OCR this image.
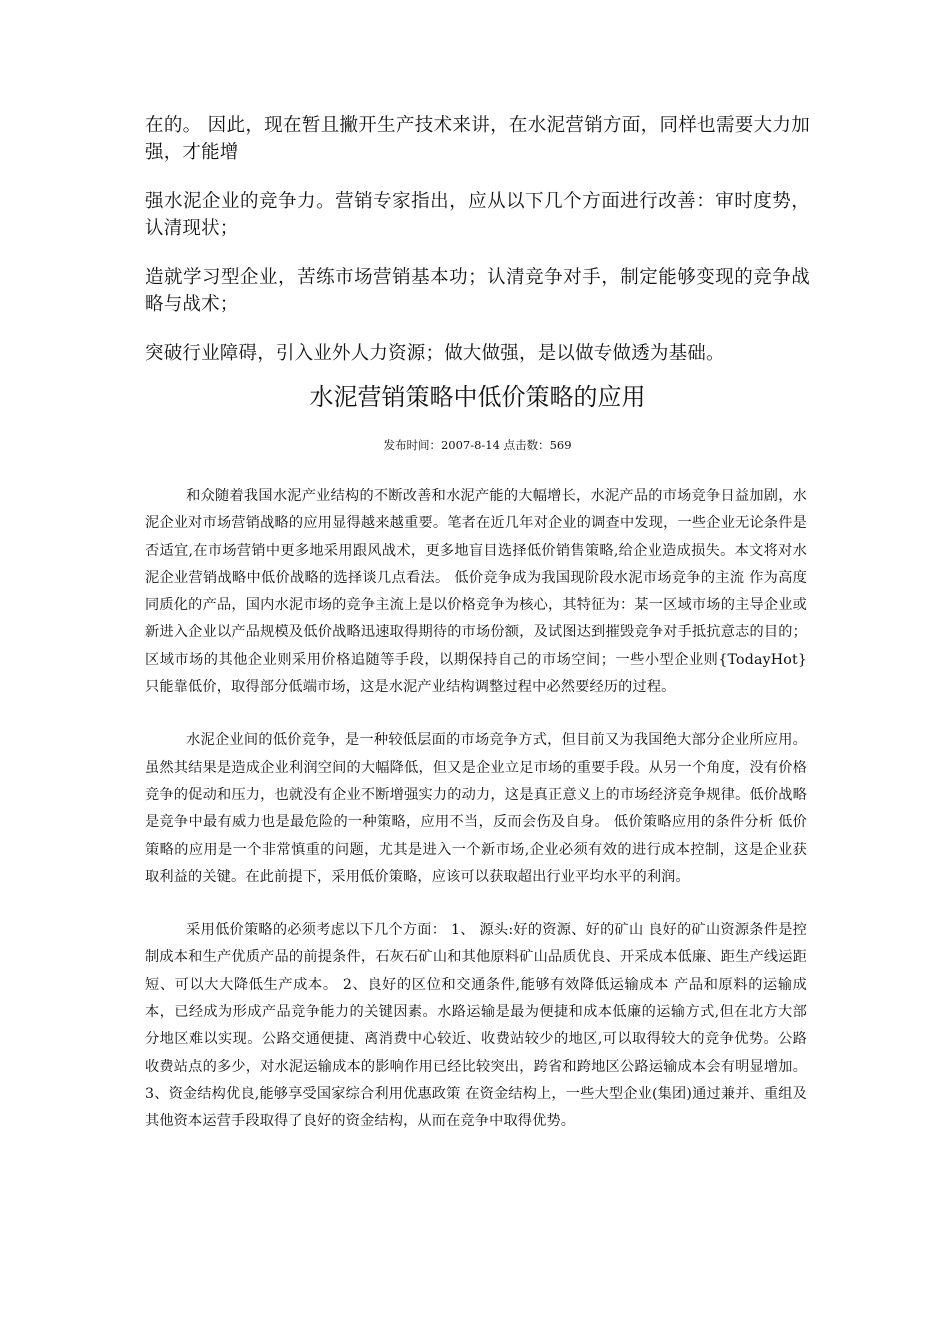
在的。 因此，现在暂且撇开生产技术来讲，在水泥营销方面，同样也需要大力加强，才能增

强水泥企业的竞争力。营销专家指出，应从以下几个方面进行改善：审时度势，认清现状；

造就学习型企业，苦练市场营销基本功；认清竞争对手，制定能够变现的竞争战略与战术；

突破行业障碍，引入业外人力资源；做大做强，是以做专做透为基础。

水泥营销策略中低价策略的应用
发布时间：2007-8-14 点击数：569

和众随着我国水泥产业结构的不断改善和水泥产能的大幅增长，水泥产品的市场竞争日益加剧，水泥企业对市场营销战略的应用显得越来越重要。笔者在近几年对企业的调查中发现，一些企业无论条件是否适宜,在市场营销中更多地采用跟风战术，更多地盲目选择低价销售策略,给企业造成损失。本文将对水泥企业营销战略中低价战略的选择谈几点看法。 低价竞争成为我国现阶段水泥市场竞争的主流 作为高度同质化的产品，国内水泥市场的竞争主流上是以价格竞争为核心，其特征为：某一区域市场的主导企业或新进入企业以产品规模及低价战略迅速取得期待的市场份额，及试图达到摧毁竞争对手抵抗意志的目的；区域市场的其他企业则采用价格追随等手段，以期保持自己的市场空间；一些小型企业则{TodayHot}只能靠低价，取得部分低端市场，这是水泥产业结构调整过程中必然要经历的过程。

水泥企业间的低价竞争，是一种较低层面的市场竞争方式，但目前又为我国绝大部分企业所应用。虽然其结果是造成企业利润空间的大幅降低，但又是企业立足市场的重要手段。从另一个角度，没有价格竞争的促动和压力，也就没有企业不断增强实力的动力，这是真正意义上的市场经济竞争规律。低价战略是竞争中最有威力也是最危险的一种策略，应用不当，反而会伤及自身。 低价策略应用的条件分析 低价策略的应用是一个非常慎重的问题，尤其是进入一个新市场,企业必须有效的进行成本控制，这是企业获取利益的关键。在此前提下，采用低价策略，应该可以获取超出行业平均水平的利润。

采用低价策略的必须考虑以下几个方面： 1、 源头:好的资源、好的矿山 良好的矿山资源条件是控制成本和生产优质产品的前提条件，石灰石矿山和其他原料矿山品质优良、开采成本低廉、距生产线运距短、可以大大降低生产成本。 2、良好的区位和交通条件,能够有效降低运输成本 产品和原料的运输成本，已经成为形成产品竞争能力的关键因素。水路运输是最为便捷和成本低廉的运输方式,但在北方大部分地区难以实现。公路交通便捷、离消费中心较近、收费站较少的地区,可以取得较大的竞争优势。公路收费站点的多少，对水泥运输成本的影响作用已经比较突出，跨省和跨地区公路运输成本会有明显增加。 3、资金结构优良,能够享受国家综合利用优惠政策 在资金结构上，一些大型企业(集团)通过兼并、重组及其他资本运营手段取得了良好的资金结构，从而在竞争中取得优势。
